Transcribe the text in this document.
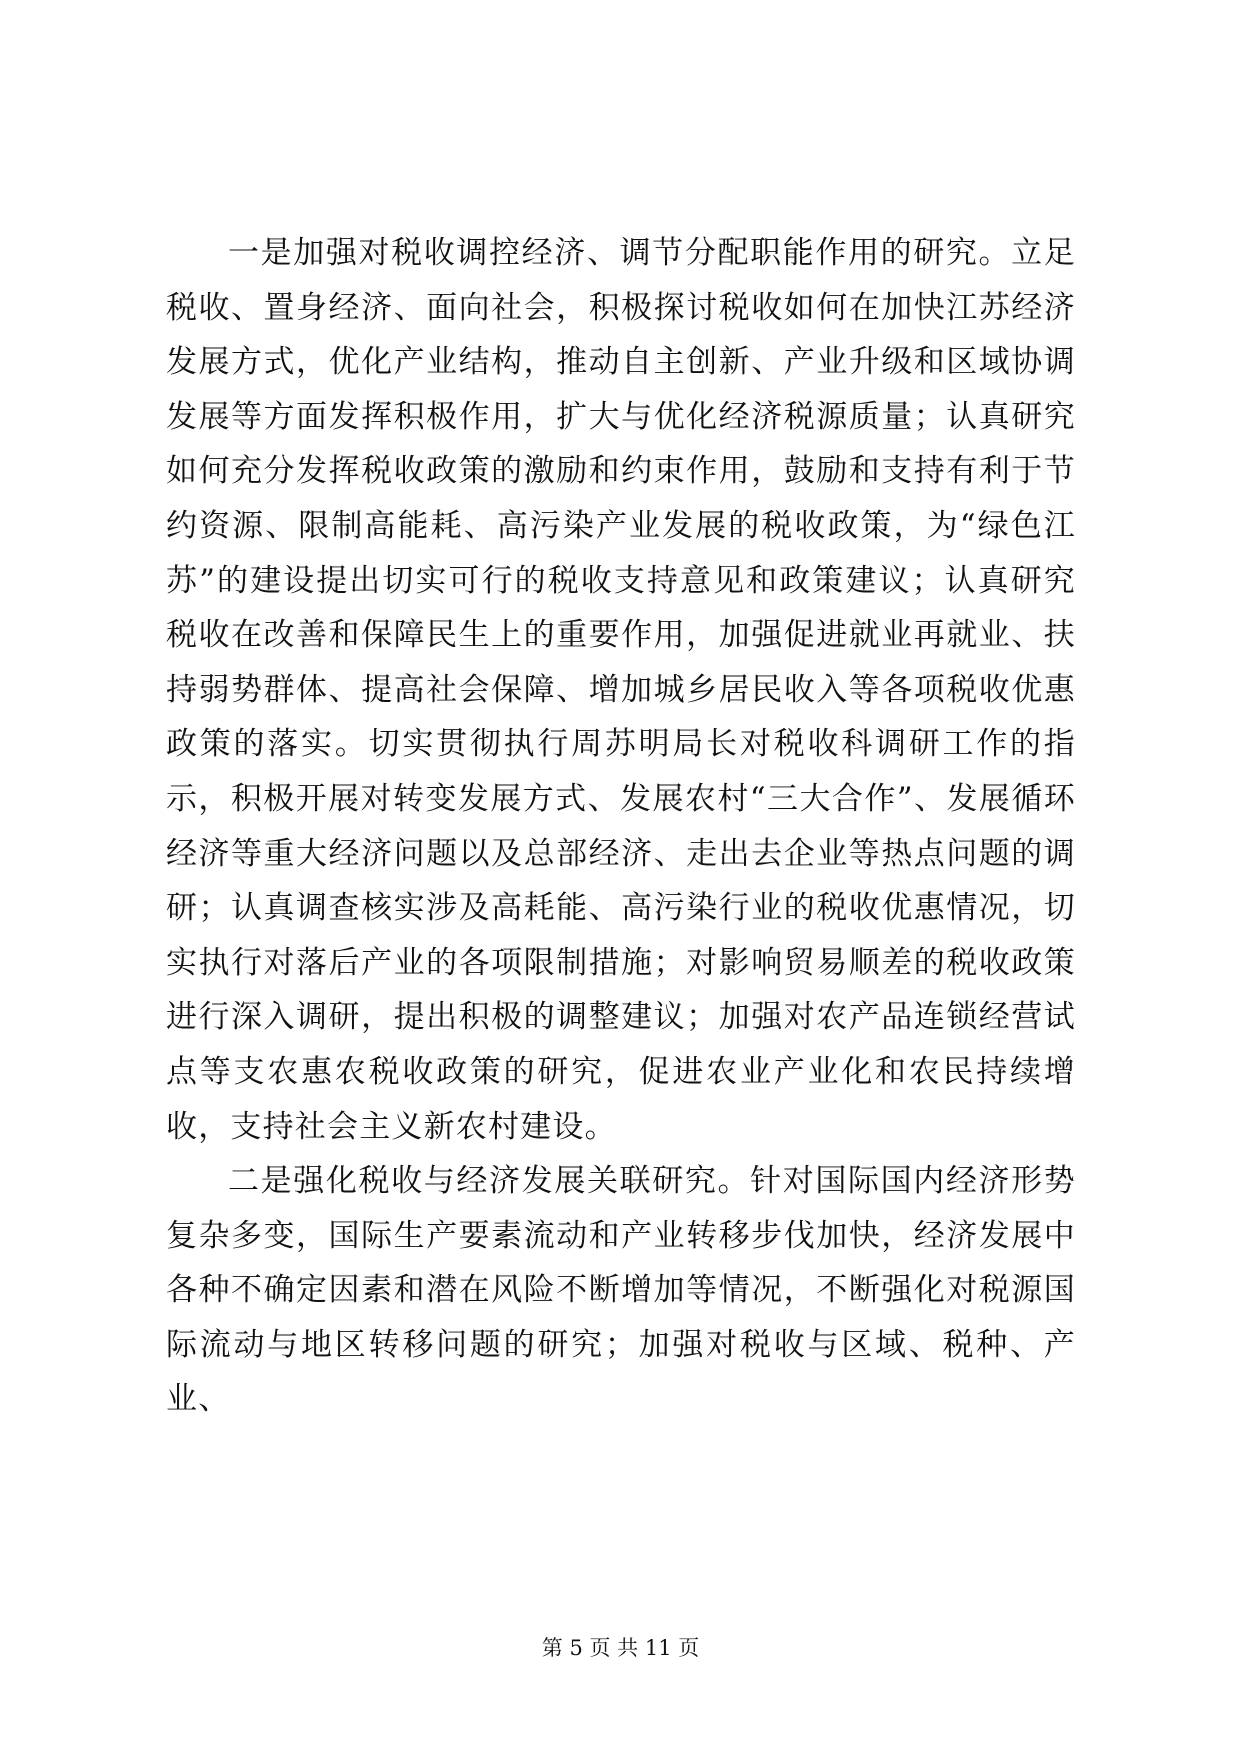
一是加强对税收调控经济、调节分配职能作用的研究。立足税收、置身经济、面向社会，积极探讨税收如何在加快江苏经济发展方式，优化产业结构，推动自主创新、产业升级和区域协调发展等方面发挥积极作用，扩大与优化经济税源质量；认真研究如何充分发挥税收政策的激励和约束作用，鼓励和支持有利于节约资源、限制高能耗、高污染产业发展的税收政策，为“绿色江苏”的建设提出切实可行的税收支持意见和政策建议；认真研究税收在改善和保障民生上的重要作用，加强促进就业再就业、扶持弱势群体、提高社会保障、增加城乡居民收入等各项税收优惠政策的落实。切实贯彻执行周苏明局长对税收科调研工作的指示，积极开展对转变发展方式、发展农村“三大合作”、发展循环经济等重大经济问题以及总部经济、走出去企业等热点问题的调研；认真调查核实涉及高耗能、高污染行业的税收优惠情况，切实执行对落后产业的各项限制措施；对影响贸易顺差的税收政策进行深入调研，提出积极的调整建议；加强对农产品连锁经营试点等支农惠农税收政策的研究，促进农业产业化和农民持续增收，支持社会主义新农村建设。

二是强化税收与经济发展关联研究。针对国际国内经济形势复杂多变，国际生产要素流动和产业转移步伐加快，经济发展中各种不确定因素和潜在风险不断增加等情况，不断强化对税源国际流动与地区转移问题的研究；加强对税收与区域、税种、产业、

第 5 页 共 11 页
